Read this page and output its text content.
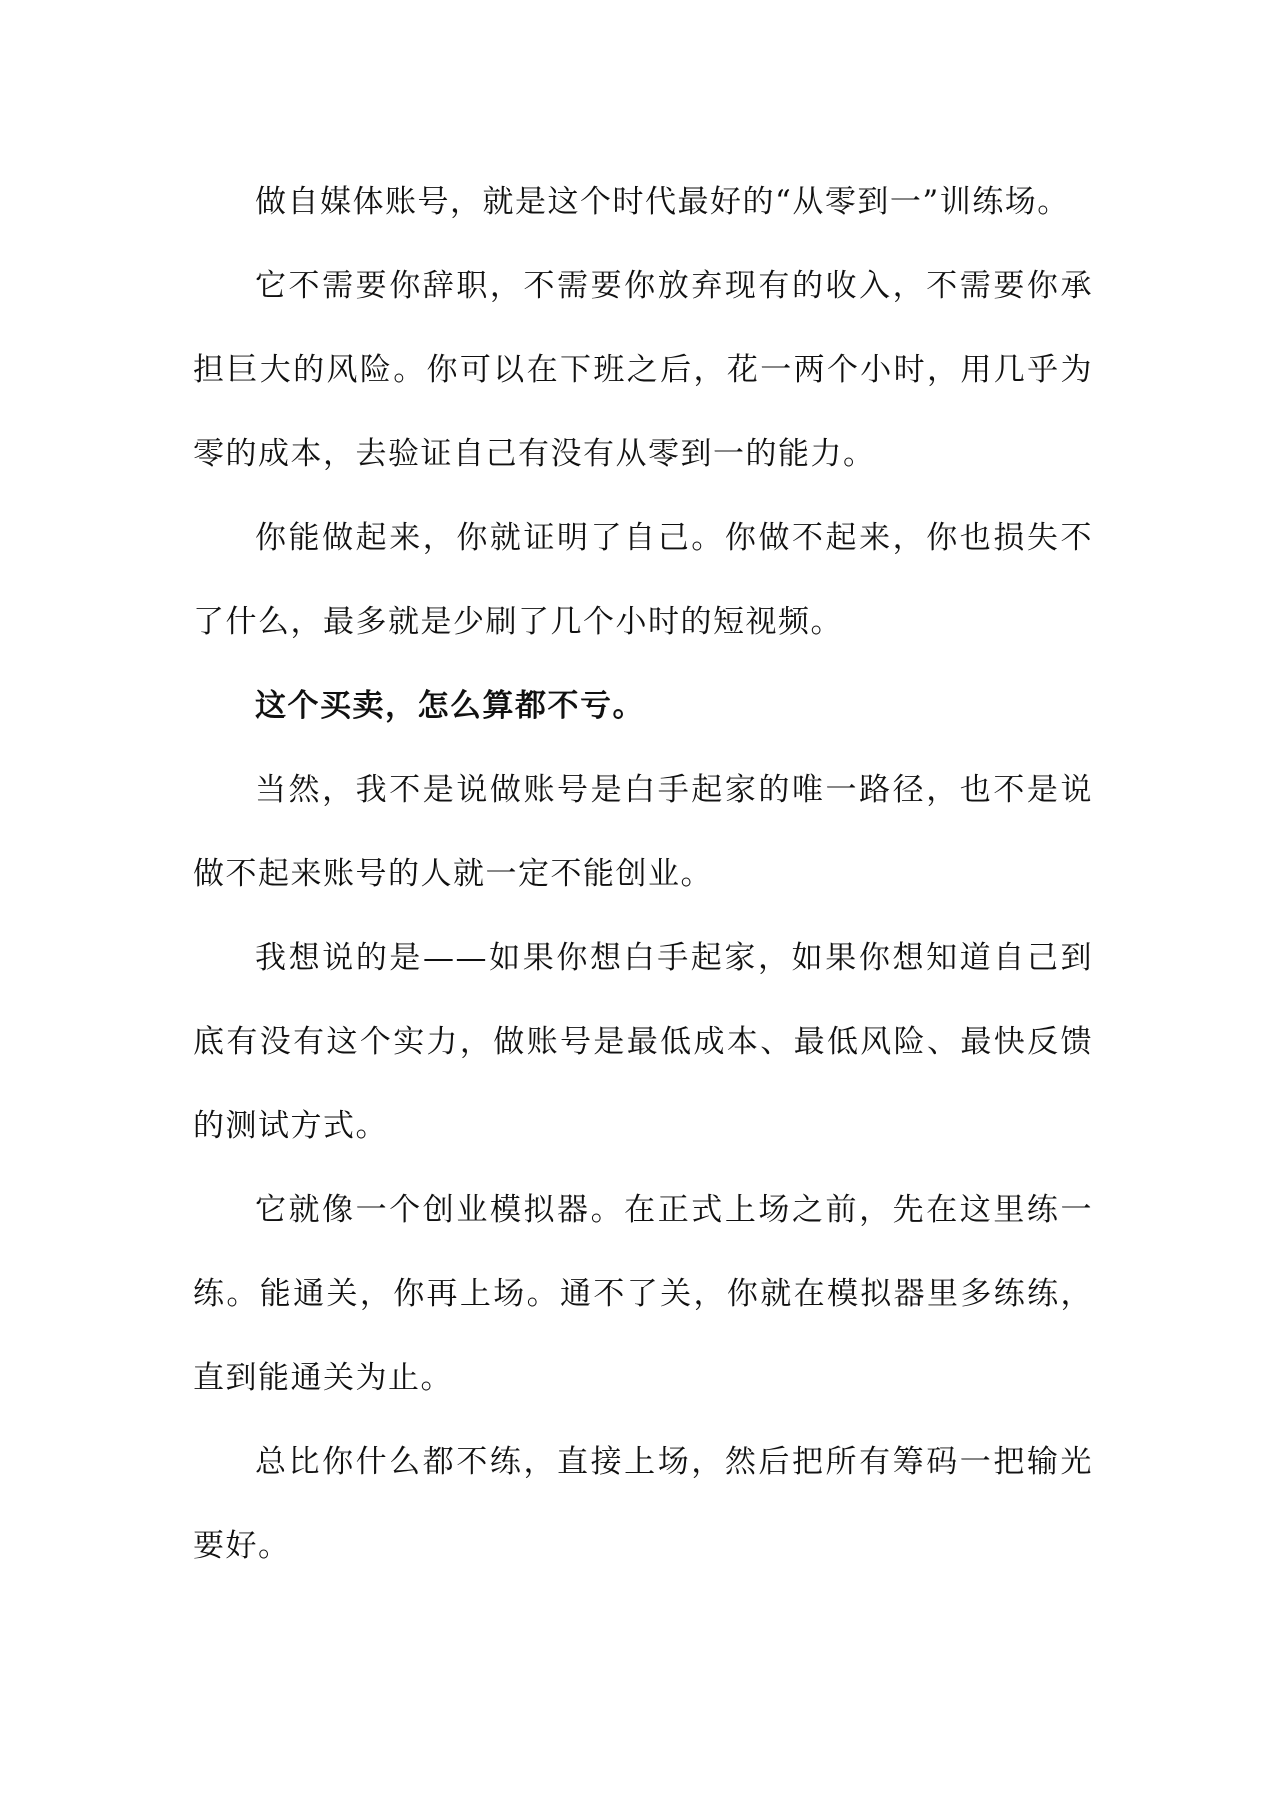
做自媒体账号，就是这个时代最好的“从零到一”训练场。

它不需要你辞职，不需要你放弃现有的收入，不需要你承担巨大的风险。你可以在下班之后，花一两个小时，用几乎为零的成本，去验证自己有没有从零到一的能力。

你能做起来，你就证明了自己。你做不起来，你也损失不了什么，最多就是少刷了几个小时的短视频。

这个买卖，怎么算都不亏。

当然，我不是说做账号是白手起家的唯一路径，也不是说做不起来账号的人就一定不能创业。

我想说的是——如果你想白手起家，如果你想知道自己到底有没有这个实力，做账号是最低成本、最低风险、最快反馈的测试方式。

它就像一个创业模拟器。在正式上场之前，先在这里练一练。能通关，你再上场。通不了关，你就在模拟器里多练练，直到能通关为止。

总比你什么都不练，直接上场，然后把所有筹码一把输光要好。
